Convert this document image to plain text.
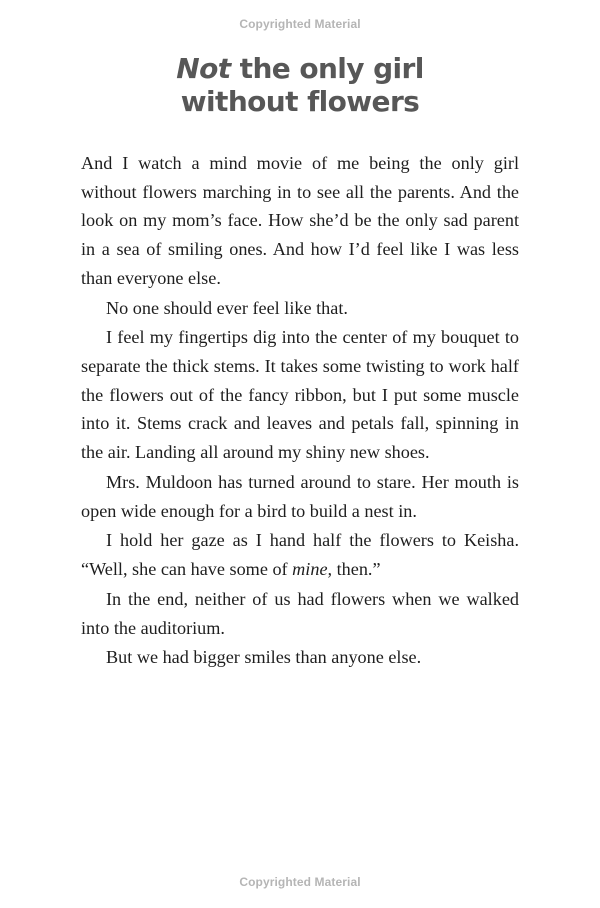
Copyrighted Material
Not the only girl
without flowers

And I watch a mind movie of me being the only girl without flowers marching in to see all the parents. And the look on my mom’s face. How she’d be the only sad parent in a sea of smiling ones. And how I’d feel like I was less than everyone else.

No one should ever feel like that.

I feel my fingertips dig into the center of my bouquet to separate the thick stems. It takes some twisting to work half the flowers out of the fancy ribbon, but I put some muscle into it. Stems crack and leaves and petals fall, spinning in the air. Landing all around my shiny new shoes.

Mrs. Muldoon has turned around to stare. Her mouth is open wide enough for a bird to build a nest in.

I hold her gaze as I hand half the flowers to Keisha. “Well, she can have some of mine, then.”

In the end, neither of us had flowers when we walked into the auditorium.

But we had bigger smiles than anyone else.

Copyrighted Material
